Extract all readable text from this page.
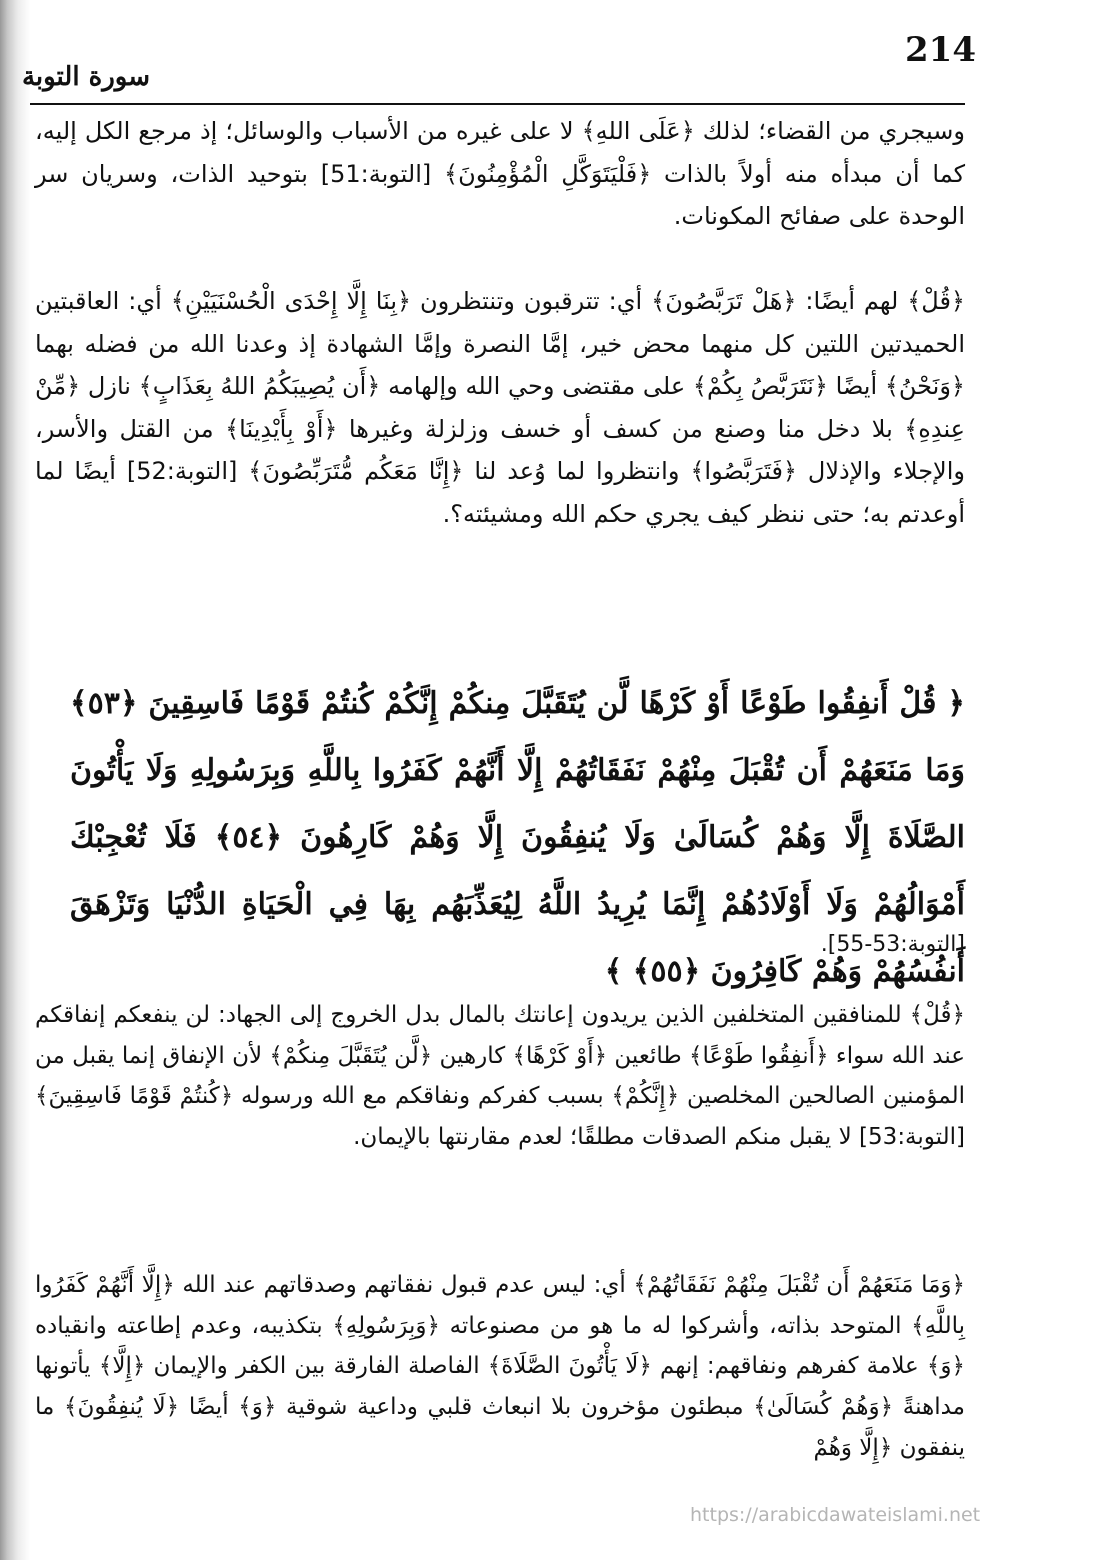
214
سورة التوبة

وسيجري من القضاء؛ لذلك ﴿عَلَى اللهِ﴾ لا على غيره من الأسباب والوسائل؛ إذ مرجع الكل إليه، كما أن مبدأه منه أولاً بالذات ﴿فَلْيَتَوَكَّلِ الْمُؤْمِنُونَ﴾ [التوبة:51] بتوحيد الذات، وسريان سر الوحدة على صفائح المكونات.

﴿قُلْ﴾ لهم أيضًا: ﴿هَلْ تَرَبَّصُونَ﴾ أي: تترقبون وتنتظرون ﴿بِنَا إِلَّا إِحْدَى الْحُسْنَيَيْنِ﴾ أي: العاقبتين الحميدتين اللتين كل منهما محض خير، إمَّا النصرة وإمَّا الشهادة إذ وعدنا الله من فضله بهما ﴿وَنَحْنُ﴾ أيضًا ﴿نَتَرَبَّصُ بِكُمْ﴾ على مقتضى وحي الله وإلهامه ﴿أَن يُصِيبَكُمُ اللهُ بِعَذَابٍ﴾ نازل ﴿مِّنْ عِندِهِ﴾ بلا دخل منا وصنع من كسف أو خسف وزلزلة وغيرها ﴿أَوْ بِأَيْدِينَا﴾ من القتل والأسر، والإجلاء والإذلال ﴿فَتَرَبَّصُوا﴾ وانتظروا لما وُعد لنا ﴿إِنَّا مَعَكُم مُّتَرَبِّصُونَ﴾ [التوبة:52] أيضًا لما أوعدتم به؛ حتى ننظر كيف يجري حكم الله ومشيئته؟.

﴿ قُلْ أَنفِقُوا طَوْعًا أَوْ كَرْهًا لَّن يُتَقَبَّلَ مِنكُمْ إِنَّكُمْ كُنتُمْ قَوْمًا فَاسِقِينَ ﴿٥٣﴾ وَمَا مَنَعَهُمْ أَن تُقْبَلَ مِنْهُمْ نَفَقَاتُهُمْ إِلَّا أَنَّهُمْ كَفَرُوا بِاللَّهِ وَبِرَسُولِهِ وَلَا يَأْتُونَ الصَّلَاةَ إِلَّا وَهُمْ كُسَالَىٰ وَلَا يُنفِقُونَ إِلَّا وَهُمْ كَارِهُونَ ﴿٥٤﴾ فَلَا تُعْجِبْكَ أَمْوَالُهُمْ وَلَا أَوْلَادُهُمْ إِنَّمَا يُرِيدُ اللَّهُ لِيُعَذِّبَهُم بِهَا فِي الْحَيَاةِ الدُّنْيَا وَتَزْهَقَ أَنفُسُهُمْ وَهُمْ كَافِرُونَ ﴿٥٥﴾ ﴾

[التوبة:53-55].

﴿قُلْ﴾ للمنافقين المتخلفين الذين يريدون إعانتك بالمال بدل الخروج إلى الجهاد: لن ينفعكم إنفاقكم عند الله سواء ﴿أَنفِقُوا طَوْعًا﴾ طائعين ﴿أَوْ كَرْهًا﴾ كارهين ﴿لَّن يُتَقَبَّلَ مِنكُمْ﴾ لأن الإنفاق إنما يقبل من المؤمنين الصالحين المخلصين ﴿إِنَّكُمْ﴾ بسبب كفركم ونفاقكم مع الله ورسوله ﴿كُنتُمْ قَوْمًا فَاسِقِينَ﴾ [التوبة:53] لا يقبل منكم الصدقات مطلقًا؛ لعدم مقارنتها بالإيمان.

﴿وَمَا مَنَعَهُمْ أَن تُقْبَلَ مِنْهُمْ نَفَقَاتُهُمْ﴾ أي: ليس عدم قبول نفقاتهم وصدقاتهم عند الله ﴿إِلَّا أَنَّهُمْ كَفَرُوا بِاللَّهِ﴾ المتوحد بذاته، وأشركوا له ما هو من مصنوعاته ﴿وَبِرَسُولِهِ﴾ بتكذيبه، وعدم إطاعته وانقياده ﴿وَ﴾ علامة كفرهم ونفاقهم: إنهم ﴿لَا يَأْتُونَ الصَّلَاةَ﴾ الفاصلة الفارقة بين الكفر والإيمان ﴿إِلَّا﴾ يأتونها مداهنةً ﴿وَهُمْ كُسَالَىٰ﴾ مبطئون مؤخرون بلا انبعاث قلبي وداعية شوقية ﴿وَ﴾ أيضًا ﴿لَا يُنفِقُونَ﴾ ما ينفقون ﴿إِلَّا وَهُمْ

https://arabicdawateislami.net
